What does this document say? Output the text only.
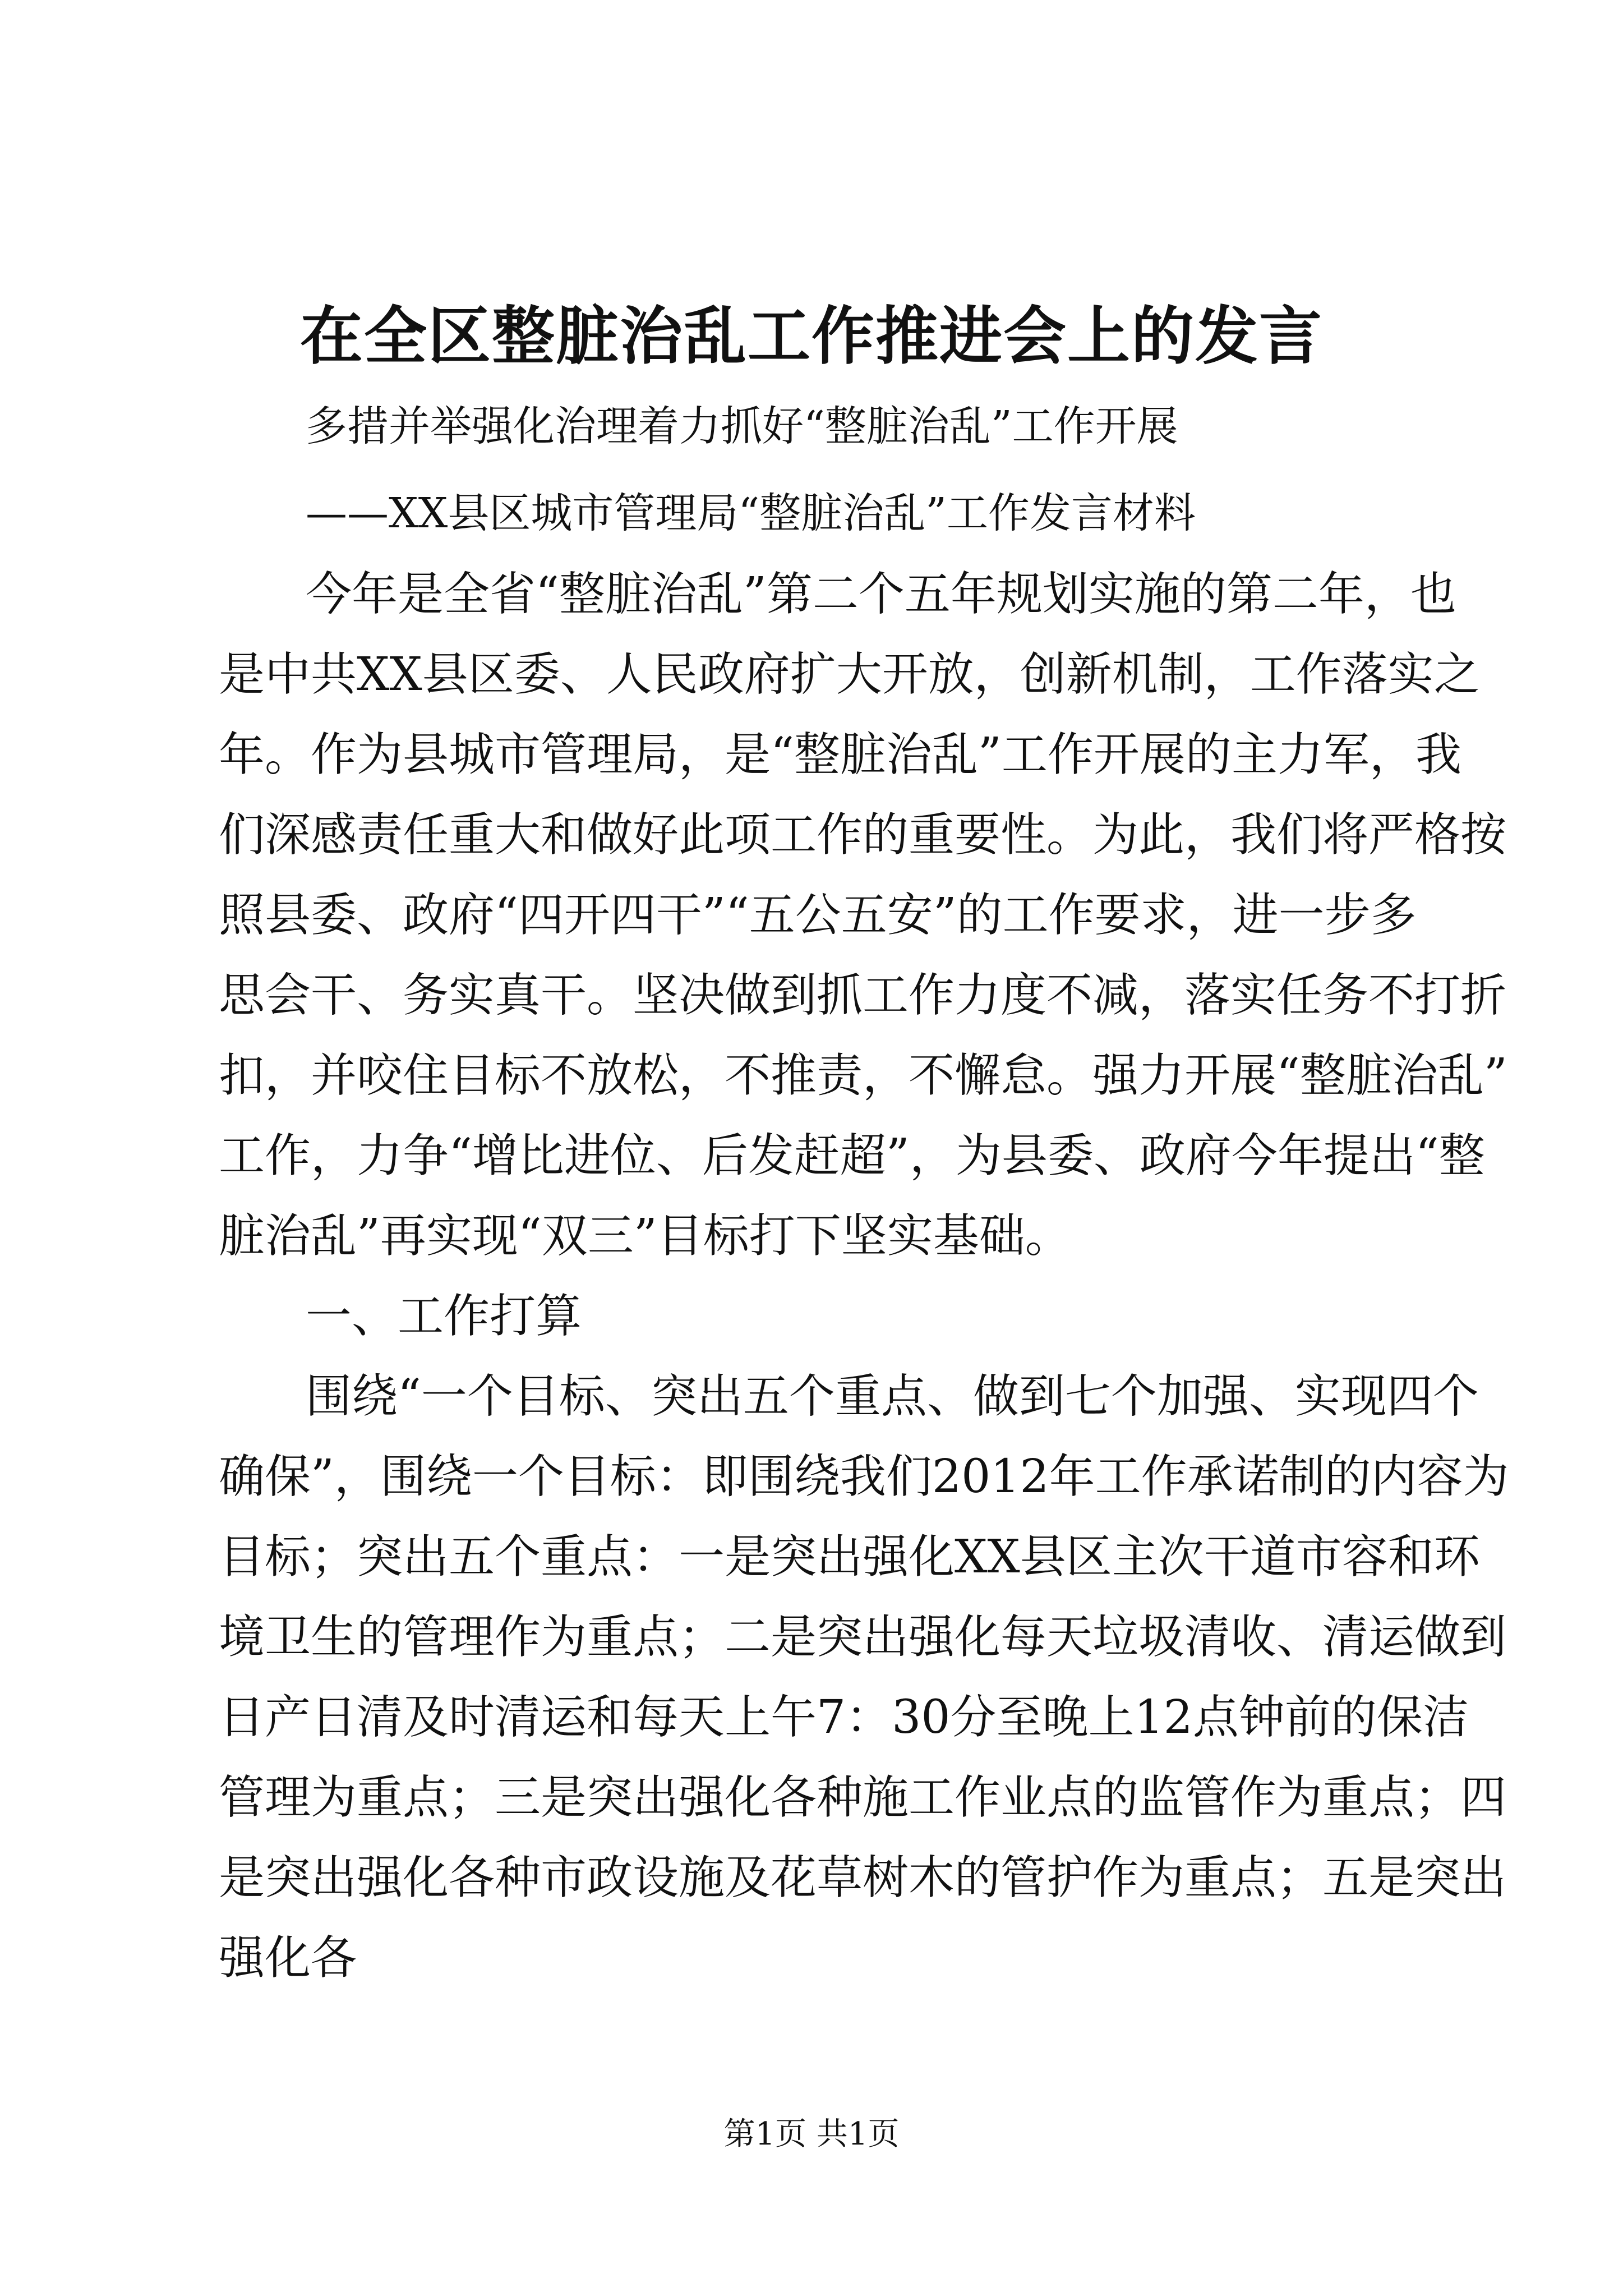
在全区整脏治乱工作推进会上的发言
多措并举强化治理着力抓好“整脏治乱”工作开展
——XX县区城市管理局“整脏治乱”工作发言材料
今年是全省“整脏治乱”第二个五年规划实施的第二年，也
是中共XX县区委、人民政府扩大开放，创新机制，工作落实之
年。作为县城市管理局，是“整脏治乱”工作开展的主力军，我
们深感责任重大和做好此项工作的重要性。为此，我们将严格按
照县委、政府“四开四干”“五公五安”的工作要求，进一步多
思会干、务实真干。坚决做到抓工作力度不减，落实任务不打折
扣，并咬住目标不放松，不推责，不懈怠。强力开展“整脏治乱”
工作，力争“增比进位、后发赶超”，为县委、政府今年提出“整
脏治乱”再实现“双三”目标打下坚实基础。
一、工作打算
围绕“一个目标、突出五个重点、做到七个加强、实现四个
确保”，围绕一个目标：即围绕我们2012年工作承诺制的内容为
目标；突出五个重点：一是突出强化XX县区主次干道市容和环
境卫生的管理作为重点；二是突出强化每天垃圾清收、清运做到
日产日清及时清运和每天上午7：30分至晚上12点钟前的保洁
管理为重点；三是突出强化各种施工作业点的监管作为重点；四
是突出强化各种市政设施及花草树木的管护作为重点；五是突出
强化各
第1页 共1页
